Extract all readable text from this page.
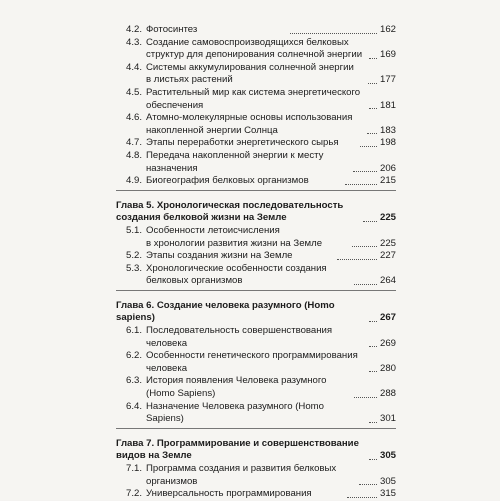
4.2. Фотосинтез	162
4.3. Создание самовоспроизводящихся белковых
структур для депонирования солнечной энергии	169
4.4. Системы аккумулирования солнечной энергии
в листьях растений	177
4.5. Растительный мир как система энергетического
обеспечения	181
4.6. Атомно-молекулярные основы использования
накопленной энергии Солнца	183
4.7. Этапы переработки энергетического сырья	198
4.8. Передача накопленной энергии к месту
назначения	206
4.9. Биогеография белковых организмов	215
Глава 5. Хронологическая последовательность
создания белковой жизни на Земле	225
5.1. Особенности летоисчисления
в хронологии развития жизни на Земле	225
5.2. Этапы создания жизни на Земле	227
5.3. Хронологические особенности создания
белковых организмов	264
Глава 6. Создание человека разумного (Homo sapiens)	267
6.1. Последовательность совершенствования человека	269
6.2. Особенности генетического программирования
человека	280
6.3. История появления Человека разумного
(Homo Sapiens)	288
6.4. Назначение Человека разумного (Homo Sapiens)	301
Глава 7. Программирование и совершенствование
видов на Земле	305
7.1. Программа создания и развития белковых
организмов	305
7.2. Универсальность программирования	315
